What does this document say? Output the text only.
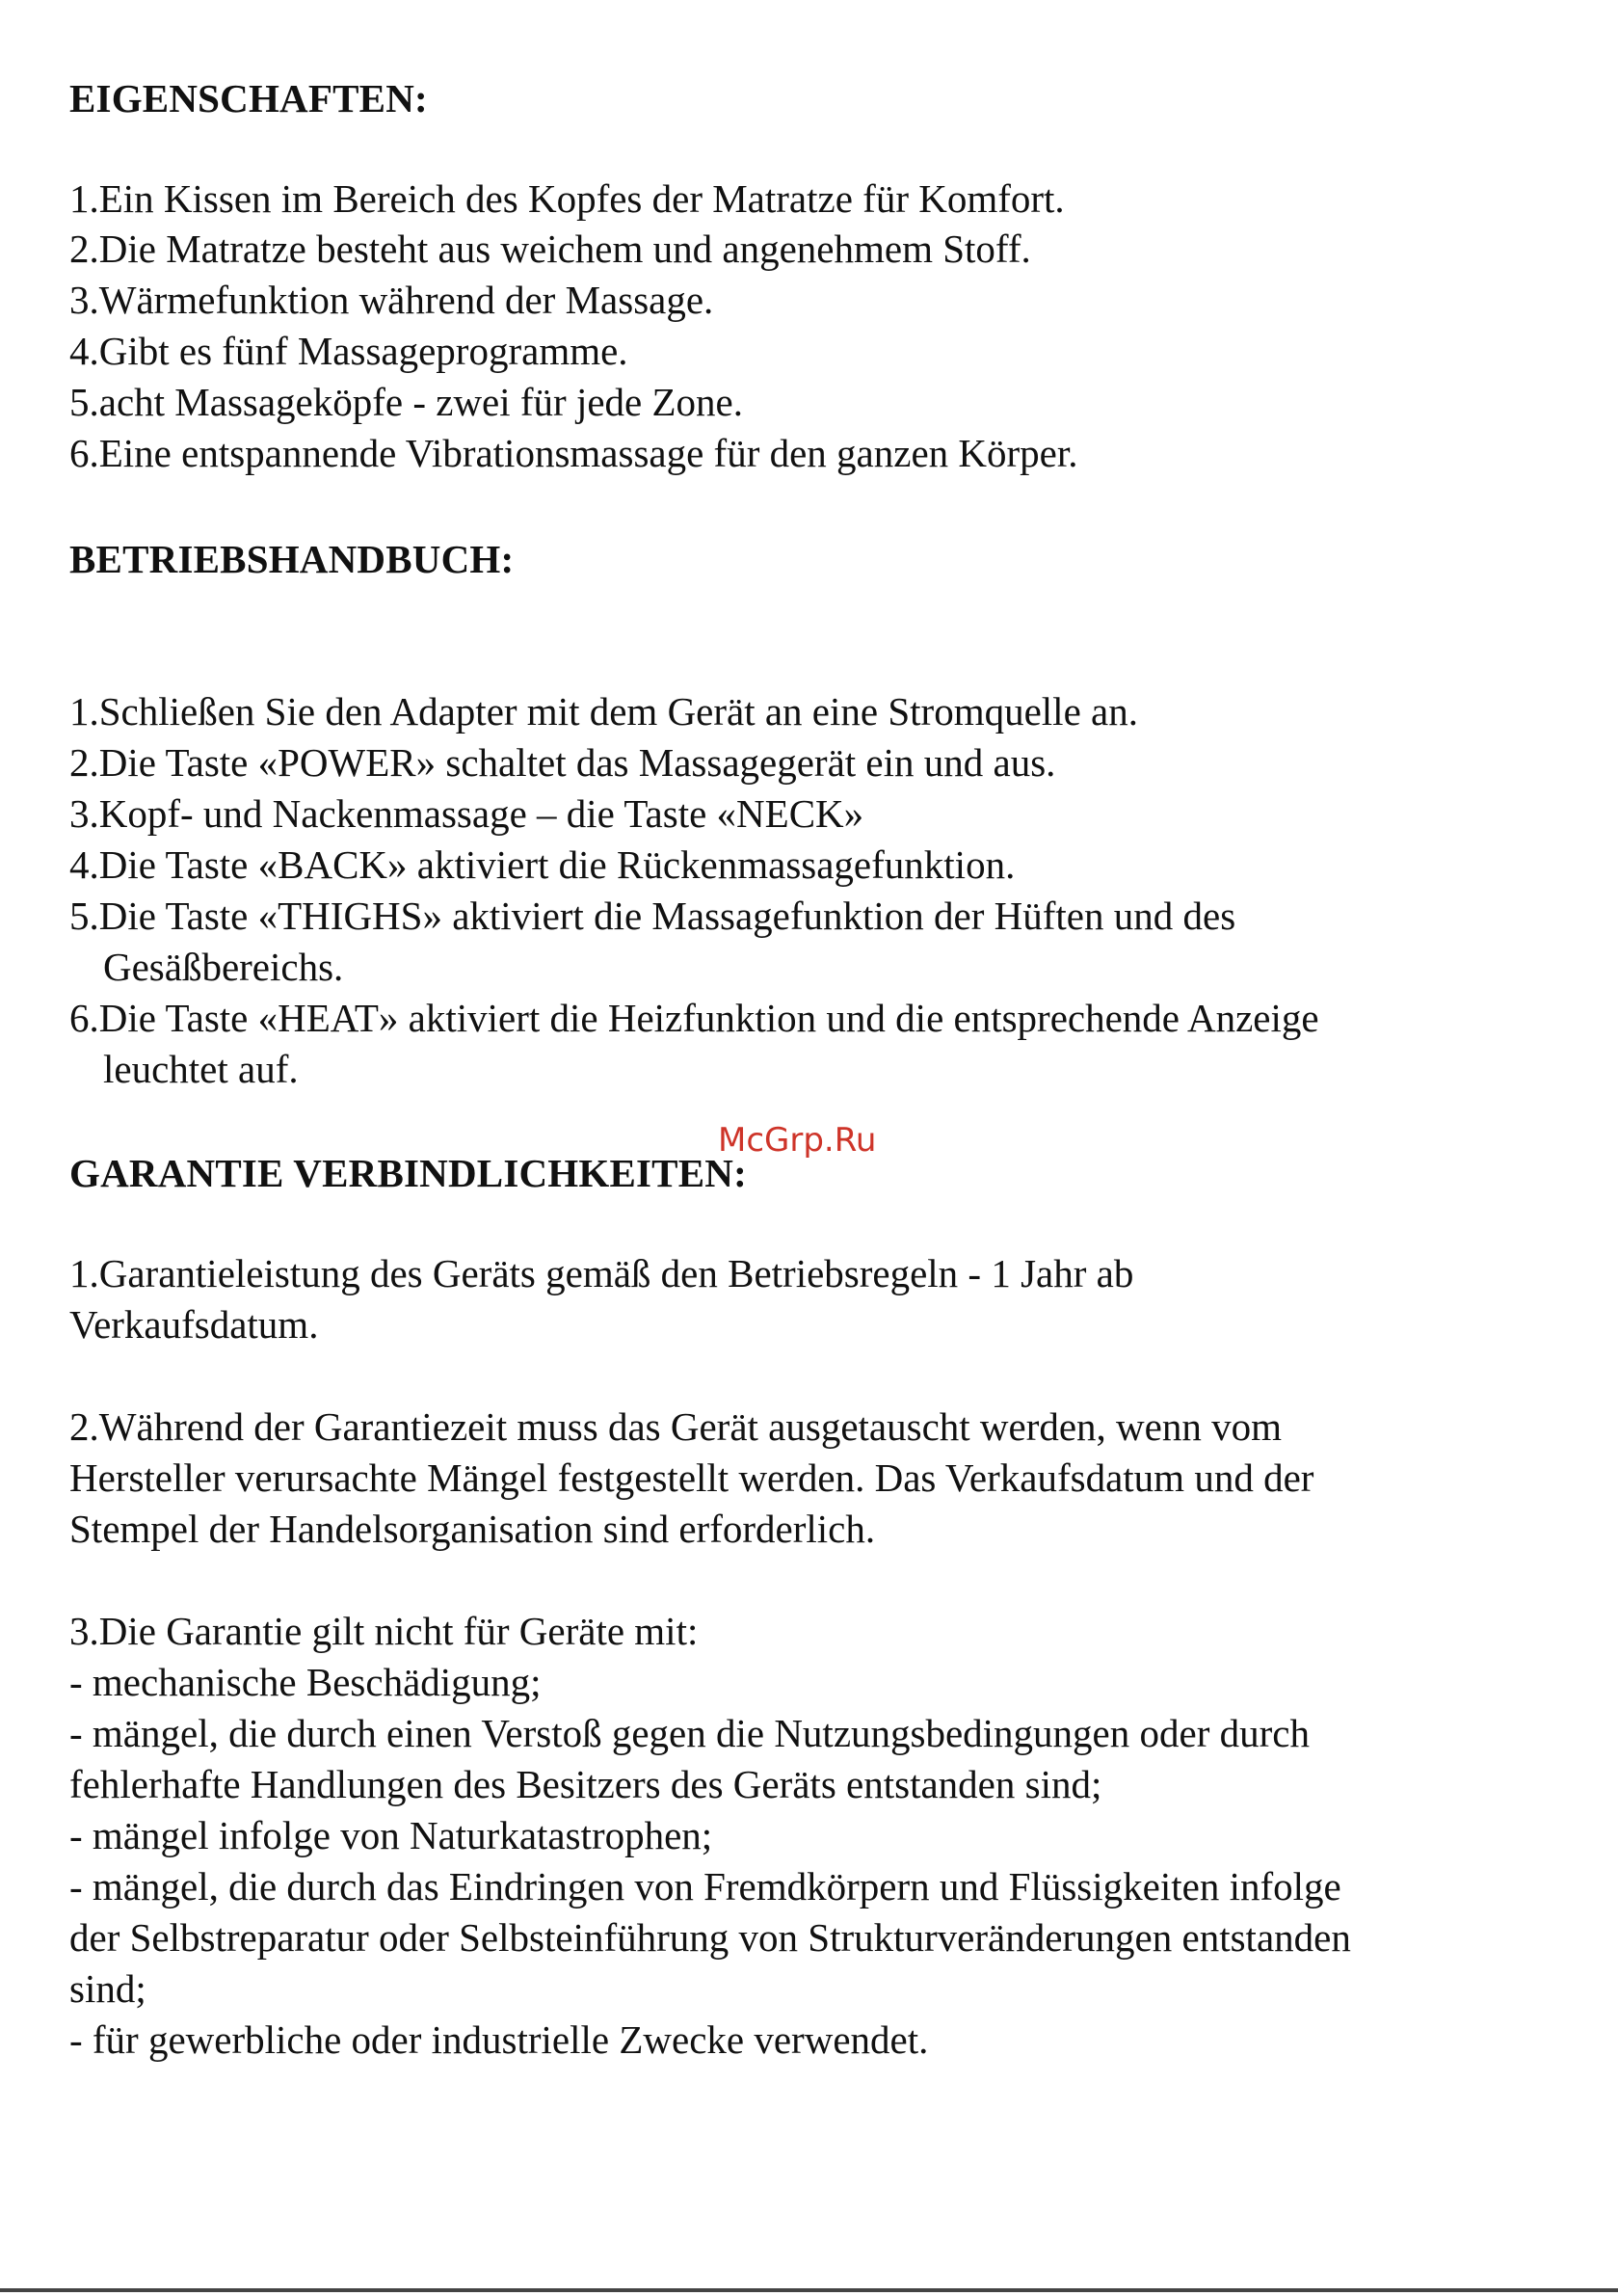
EIGENSCHAFTEN:
1.Ein Kissen im Bereich des Kopfes der Matratze für Komfort.
2.Die Matratze besteht aus weichem und angenehmem Stoff.
3.Wärmefunktion während der Massage.
4.Gibt es fünf Massageprogramme.
5.acht Massageköpfe - zwei für jede Zone.
6.Eine entspannende Vibrationsmassage für den ganzen Körper.
BETRIEBSHANDBUCH:
1.Schließen Sie den Adapter mit dem Gerät an eine Stromquelle an.
2.Die Taste «POWER» schaltet das Massagegerät ein und aus.
3.Kopf- und Nackenmassage – die Taste «NECK»
4.Die Taste «BACK» aktiviert die Rückenmassagefunktion.
5.Die Taste «THIGHS» aktiviert die Massagefunktion der Hüften und des
Gesäßbereichs.
6.Die Taste «HEAT» aktiviert die Heizfunktion und die entsprechende Anzeige
leuchtet auf.
GARANTIE VERBINDLICHKEITEN:
McGrp.Ru
1.Garantieleistung des Geräts gemäß den Betriebsregeln - 1 Jahr ab
Verkaufsdatum.
2.Während der Garantiezeit muss das Gerät ausgetauscht werden, wenn vom
Hersteller verursachte Mängel festgestellt werden. Das Verkaufsdatum und der
Stempel der Handelsorganisation sind erforderlich.
3.Die Garantie gilt nicht für Geräte mit:
- mechanische Beschädigung;
- mängel, die durch einen Verstoß gegen die Nutzungsbedingungen oder durch
fehlerhafte Handlungen des Besitzers des Geräts entstanden sind;
- mängel infolge von Naturkatastrophen;
- mängel, die durch das Eindringen von Fremdkörpern und Flüssigkeiten infolge
der Selbstreparatur oder Selbsteinführung von Strukturveränderungen entstanden
sind;
- für gewerbliche oder industrielle Zwecke verwendet.
